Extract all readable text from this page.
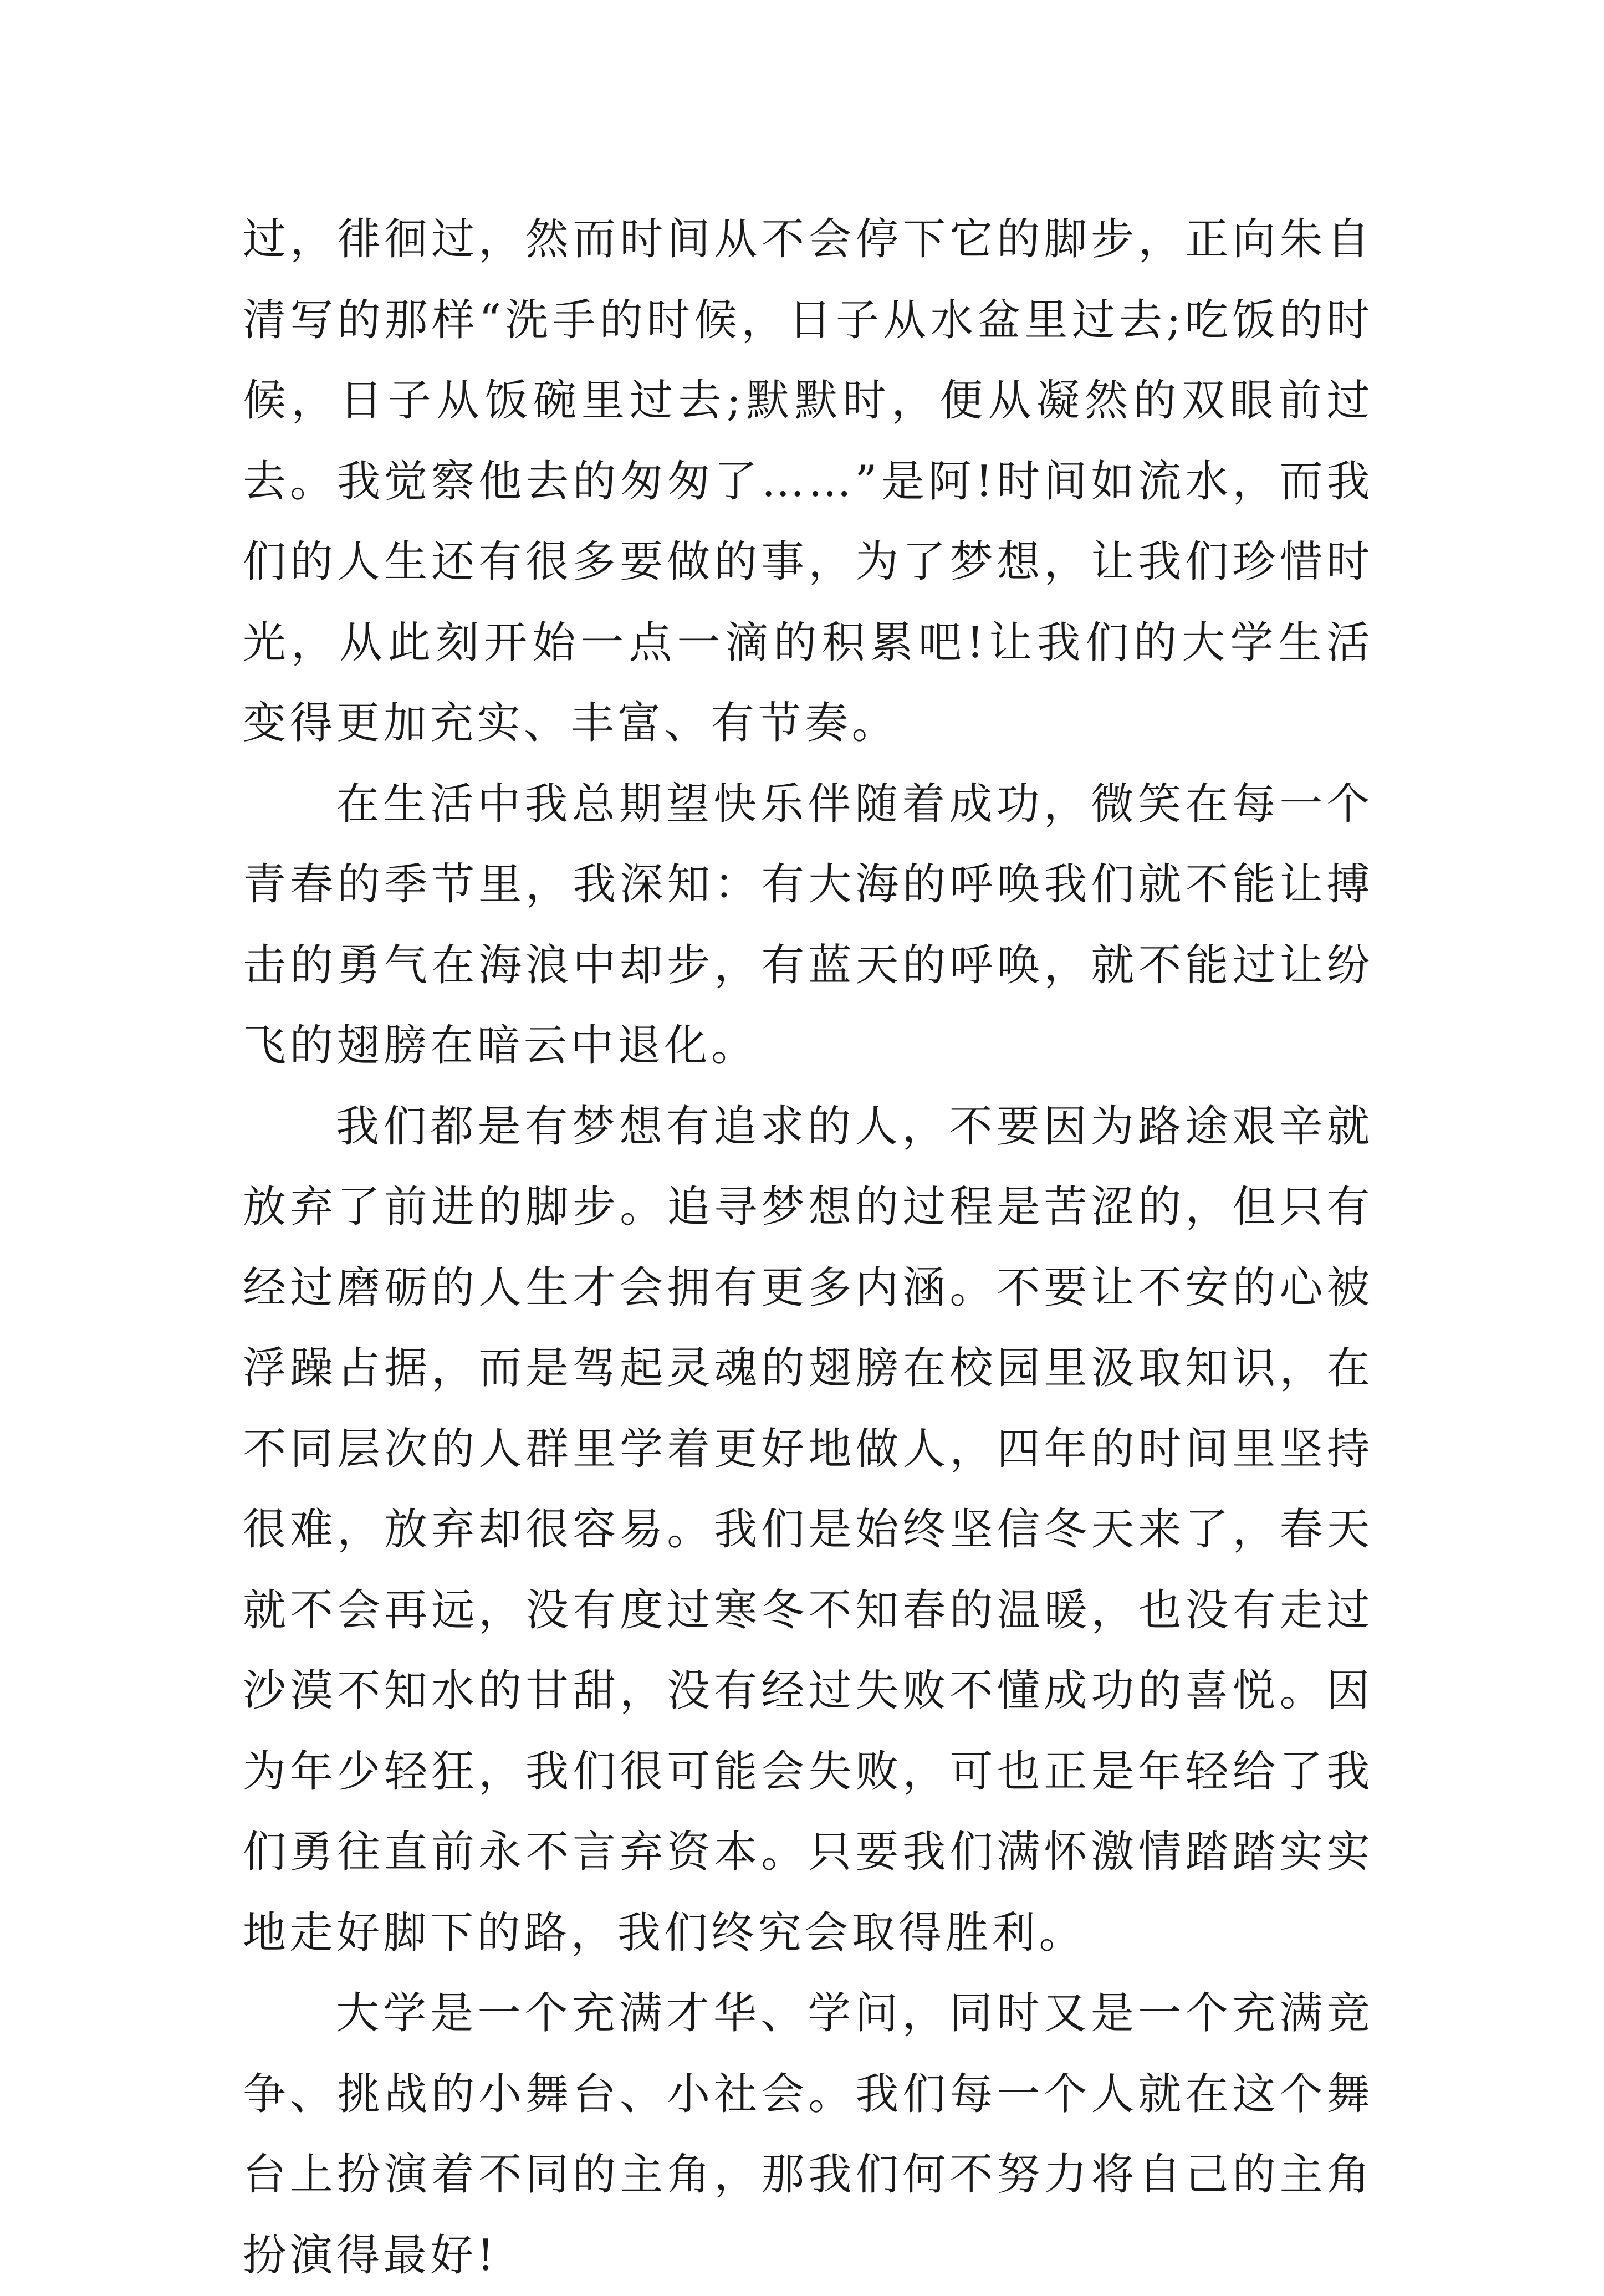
过，徘徊过，然而时间从不会停下它的脚步，正向朱自清写的那样“洗手的时候，日子从水盆里过去;吃饭的时候，日子从饭碗里过去;默默时，便从凝然的双眼前过去。我觉察他去的匆匆了……”是阿!时间如流水，而我们的人生还有很多要做的事，为了梦想，让我们珍惜时光，从此刻开始一点一滴的积累吧!让我们的大学生活变得更加充实、丰富、有节奏。

在生活中我总期望快乐伴随着成功，微笑在每一个青春的季节里，我深知：有大海的呼唤我们就不能让搏击的勇气在海浪中却步，有蓝天的呼唤，就不能过让纷飞的翅膀在暗云中退化。

我们都是有梦想有追求的人，不要因为路途艰辛就放弃了前进的脚步。追寻梦想的过程是苦涩的，但只有经过磨砺的人生才会拥有更多内涵。不要让不安的心被浮躁占据，而是驾起灵魂的翅膀在校园里汲取知识，在不同层次的人群里学着更好地做人，四年的时间里坚持很难，放弃却很容易。我们是始终坚信冬天来了，春天就不会再远，没有度过寒冬不知春的温暖，也没有走过沙漠不知水的甘甜，没有经过失败不懂成功的喜悦。因为年少轻狂，我们很可能会失败，可也正是年轻给了我们勇往直前永不言弃资本。只要我们满怀激情踏踏实实地走好脚下的路，我们终究会取得胜利。

大学是一个充满才华、学问，同时又是一个充满竞争、挑战的小舞台、小社会。我们每一个人就在这个舞台上扮演着不同的主角，那我们何不努力将自己的主角扮演得最好!
